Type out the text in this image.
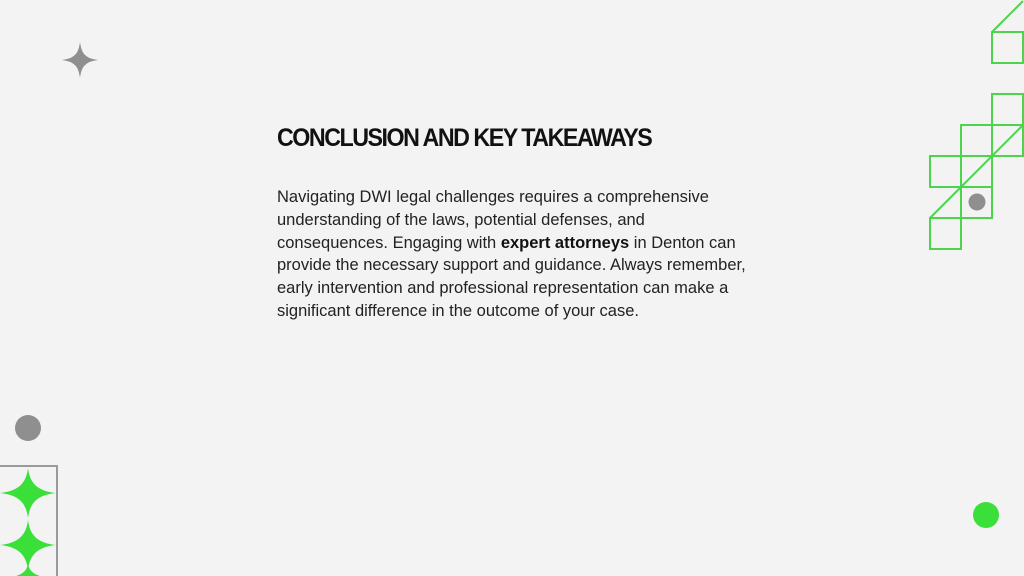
CONCLUSION AND KEY TAKEAWAYS

Navigating DWI legal challenges requires a comprehensive understanding of the laws, potential defenses, and consequences. Engaging with expert attorneys in Denton can provide the necessary support and guidance. Always remember, early intervention and professional representation can make a significant difference in the outcome of your case.
